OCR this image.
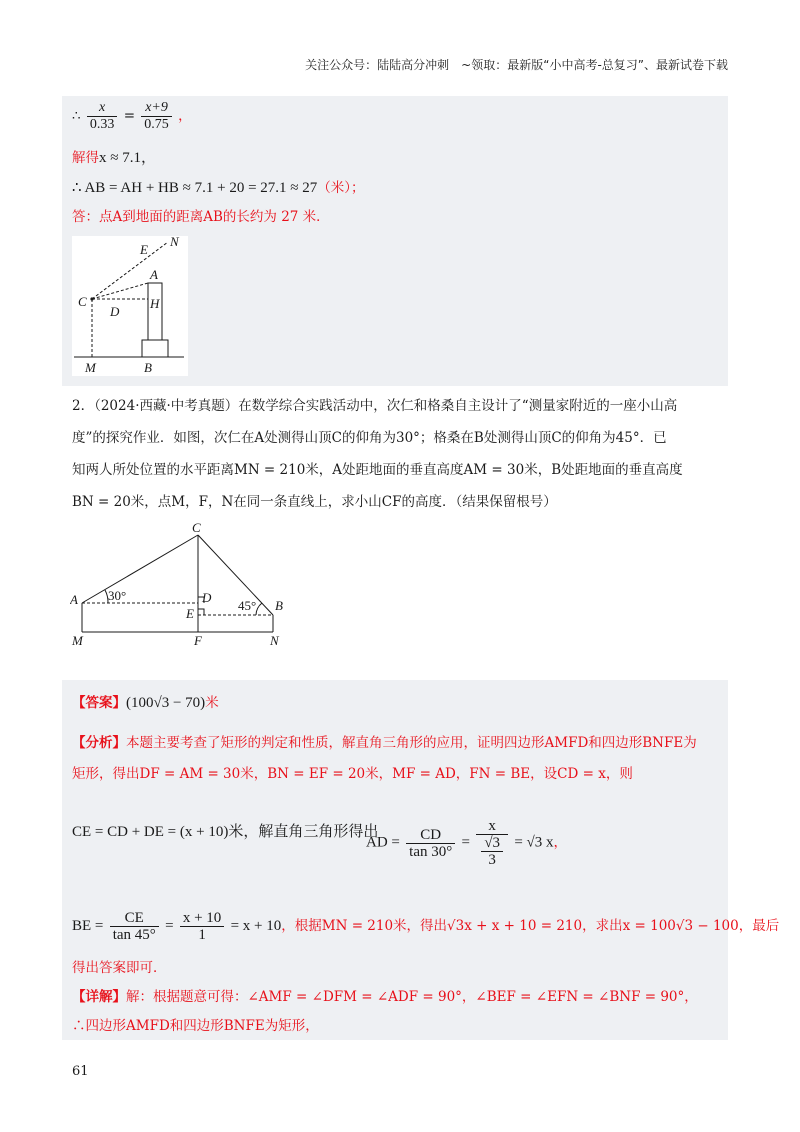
关注公众号：陆陆高分冲刺　~领取：最新版“小中高考-总复习”、最新试卷下载
∴ $\frac{x}{0.33} = \frac{x+9}{0.75}$ ，
解得x ≈ 7.1，
∴ AB = AH + HB ≈ 7.1 + 20 = 27.1 ≈ 27（米）；
答：点A到地面的距离AB的长约为 27 米．
E
N
A
C	H
D
M	B
2．（2024·西藏·中考真题）在数学综合实践活动中，次仁和格桑自主设计了“测量家附近的一座小山高
度”的探究作业．如图，次仁在A处测得山顶C的仰角为30°；格桑在B处测得山顶C的仰角为45°．已
知两人所处位置的水平距离MN = 210米，A处距地面的垂直高度AM = 30米，B处距地面的垂直高度
BN = 20米，点M，F，N在同一条直线上，求小山CF的高度．（结果保留根号）
C
A 30°	D
E
45° B
M	F	N
【答案】(100√3 − 70)米
【分析】本题主要考查了矩形的判定和性质，解直角三角形的应用，证明四边形AMFD和四边形BNFE为
矩形，得出DF = AM = 30米，BN = EF = 20米，MF = AD，FN = BE，设CD = x，则
CE = CD + DE = (x + 10)米，解直角三角形得出
AD = $\frac{CD}{\tan 30^\circ} = \frac{x}{\frac{√3}{3}} = √3$ x，
BE = $\frac{CE}{\tan 45^\circ} = \frac{x + 10}{1} = x + 10$，根据MN = 210米，得出√3x + x + 10 = 210，求出x = 100√3 − 100，最后
得出答案即可．
【详解】解：根据题意可得：∠AMF = ∠DFM = ∠ADF = 90°，∠BEF = ∠EFN = ∠BNF = 90°，
∴四边形AMFD和四边形BNFE为矩形，
61
